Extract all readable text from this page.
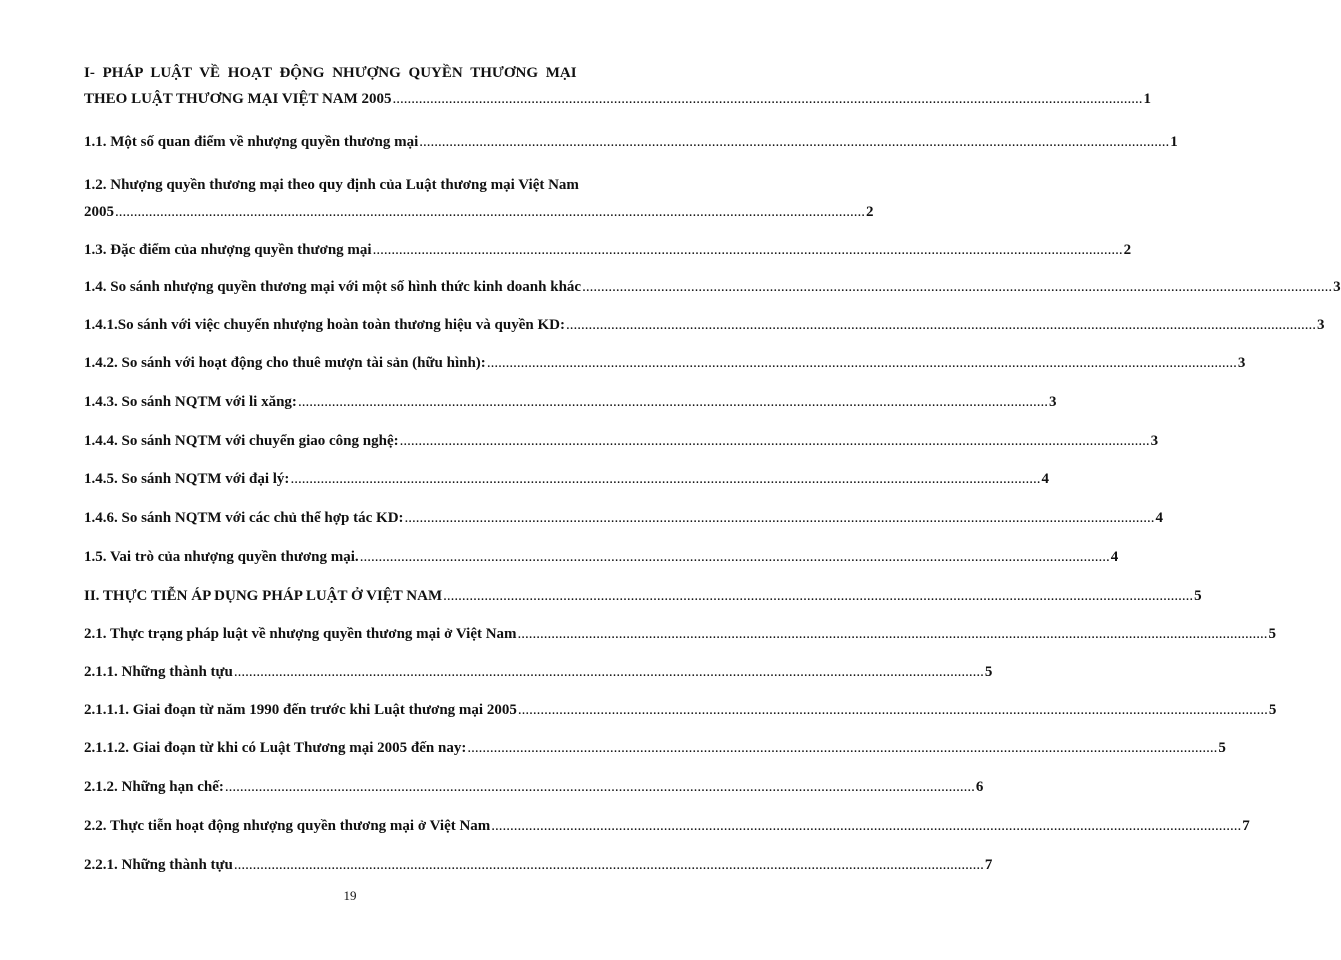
I- PHÁP LUẬT VỀ HOẠT ĐỘNG NHƯỢNG QUYỀN THƯƠNG MẠI
THEO LUẬT THƯƠNG MẠI VIỆT NAM 2005 ........................................................................................................................................................................................................ 1
1.1. Một số quan điểm về nhượng quyền thương mại ........................................................................................................................................................................................................ 1
1.2. Nhượng quyền thương mại theo quy định của Luật thương mại Việt Nam
2005 ........................................................................................................................................................................................................ 2
1.3. Đặc điểm của nhượng quyền thương mại ........................................................................................................................................................................................................ 2
1.4. So sánh nhượng quyền thương mại với một số hình thức kinh doanh khác ........................................................................................................................................................................................................ 3
1.4.1.So sánh với việc chuyển nhượng hoàn toàn thương hiệu và quyền KD: ........................................................................................................................................................................................................ 3
1.4.2. So sánh với hoạt động cho thuê mượn tài sản (hữu hình): ........................................................................................................................................................................................................ 3
1.4.3. So sánh NQTM với li xăng: ........................................................................................................................................................................................................ 3
1.4.4. So sánh NQTM với chuyển giao công nghệ: ........................................................................................................................................................................................................ 3
1.4.5. So sánh NQTM với đại lý: ........................................................................................................................................................................................................ 4
1.4.6. So sánh NQTM với các chủ thể hợp tác KD: ........................................................................................................................................................................................................ 4
1.5. Vai trò của nhượng quyền thương mại. ........................................................................................................................................................................................................ 4
II. THỰC TIỄN ÁP DỤNG PHÁP LUẬT Ở VIỆT NAM ........................................................................................................................................................................................................ 5
2.1. Thực trạng pháp luật về nhượng quyền thương mại ở Việt Nam ........................................................................................................................................................................................................ 5
2.1.1. Những thành tựu ........................................................................................................................................................................................................ 5
2.1.1.1. Giai đoạn từ năm 1990 đến trước khi Luật thương mại 2005 ........................................................................................................................................................................................................ 5
2.1.1.2. Giai đoạn từ khi có Luật Thương mại 2005 đến nay: ........................................................................................................................................................................................................ 5
2.1.2. Những hạn chế: ........................................................................................................................................................................................................ 6
2.2. Thực tiễn hoạt động nhượng quyền thương mại ở Việt Nam ........................................................................................................................................................................................................ 7
2.2.1. Những thành tựu ........................................................................................................................................................................................................ 7
19
